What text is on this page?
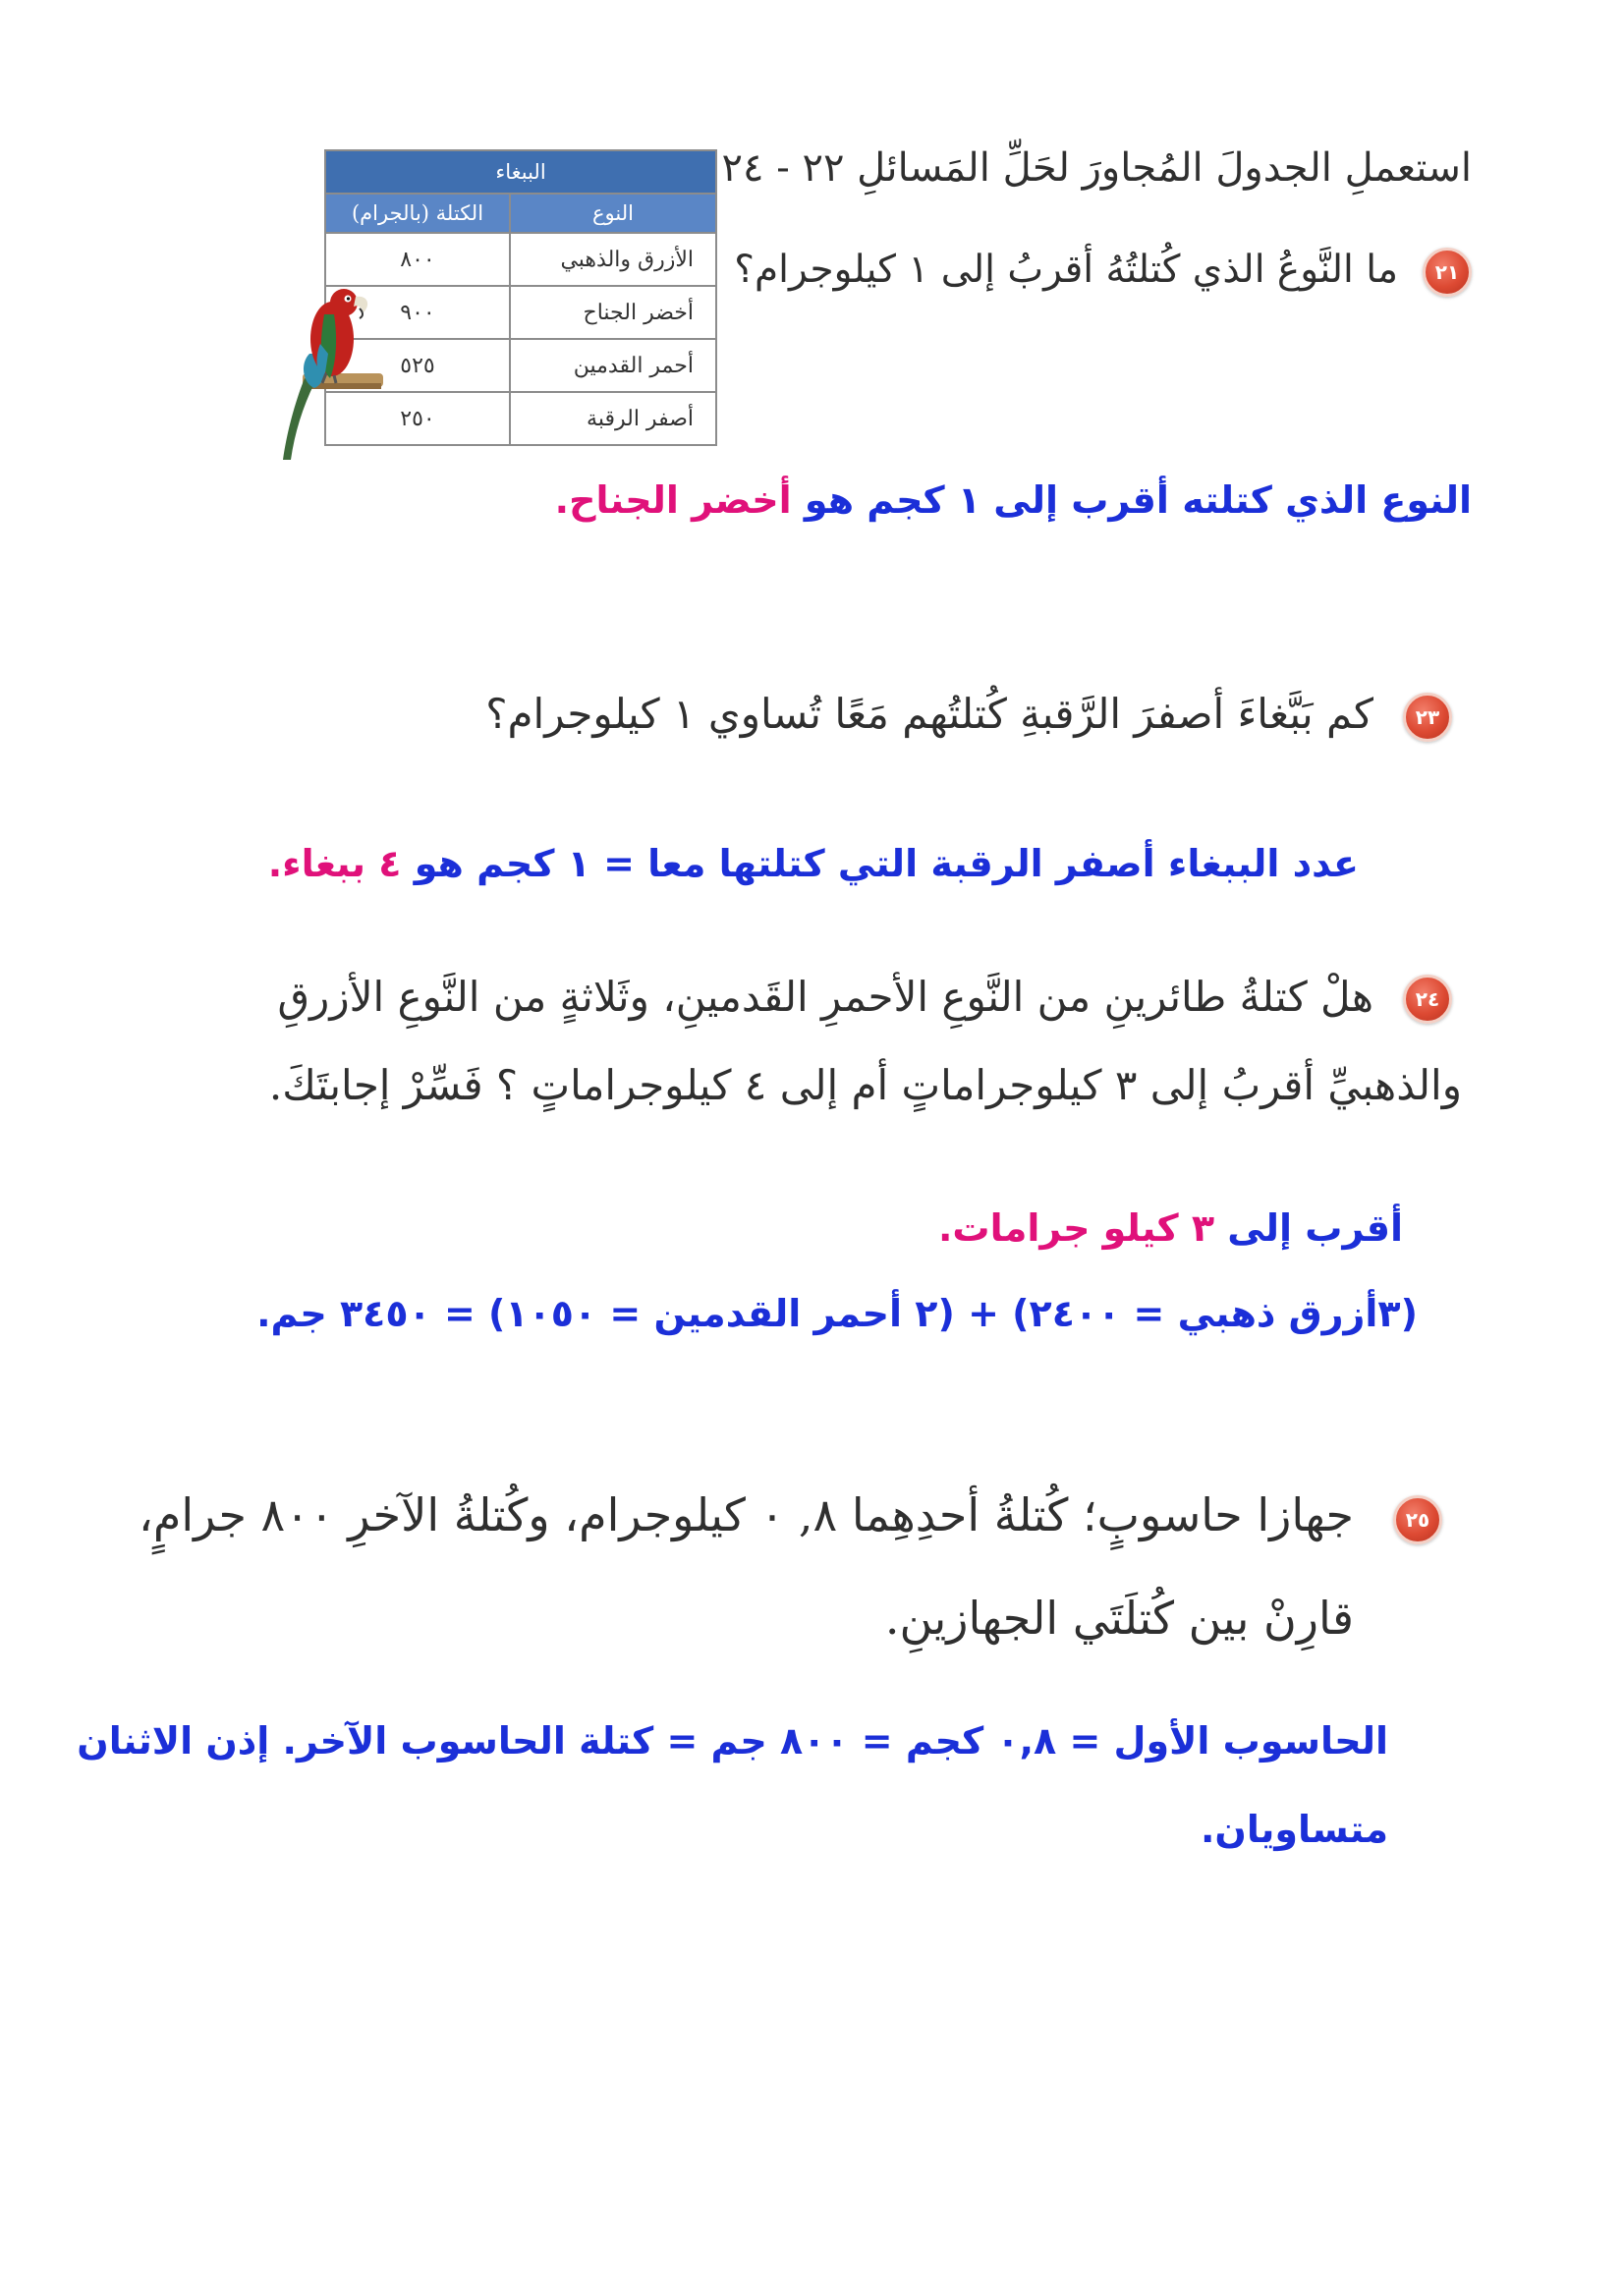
استعملِ الجدولَ المُجاورَ لحَلِّ المَسائلِ ٢٢ - ٢٤
الببغاء	
النوع	الكتلة (بالجرام)
الأزرق والذهبي	٨٠٠
أخضر الجناح	٩٠٠
أحمر القدمين	٥٢٥
أصفر الرقبة	٢٥٠
٢١
ما النَّوعُ الذي كُتلتُهُ أقربُ إلى ١ كيلوجرام؟
النوع الذي كتلته أقرب إلى ١ كجم هو أخضر الجناح.
٢٣
كم بَبَّغاءَ أصفرَ الرَّقبةِ كُتلتُهم مَعًا تُساوي ١ كيلوجرام؟
عدد الببغاء أصفر الرقبة التي كتلتها معا = ١ كجم هو ٤ ببغاء.
٢٤
هلْ كتلةُ طائرينِ من النَّوعِ الأحمرِ القَدمينِ، وثَلاثةٍ من النَّوعِ الأزرقِ
والذهبيِّ أقربُ إلى ٣ كيلوجراماتٍ أم إلى ٤ كيلوجراماتٍ ؟ فَسِّرْ إجابتَكَ.
أقرب إلى ٣ كيلو جرامات.
(٣أزرق ذهبي = ٢٤٠٠) + (٢ أحمر القدمين = ١٠٥٠) = ٣٤٥٠ جم.
٢٥
جهازا حاسوبٍ؛ كُتلةُ أحدِهِما ٨, ٠ كيلوجرام، وكُتلةُ الآخرِ ٨٠٠ جرامٍ،
قارِنْ بين كُتلَتَي الجهازينِ.
الحاسوب الأول = ٠,٨ كجم = ٨٠٠ جم = كتلة الحاسوب الآخر. إذن الاثنان
متساويان.
